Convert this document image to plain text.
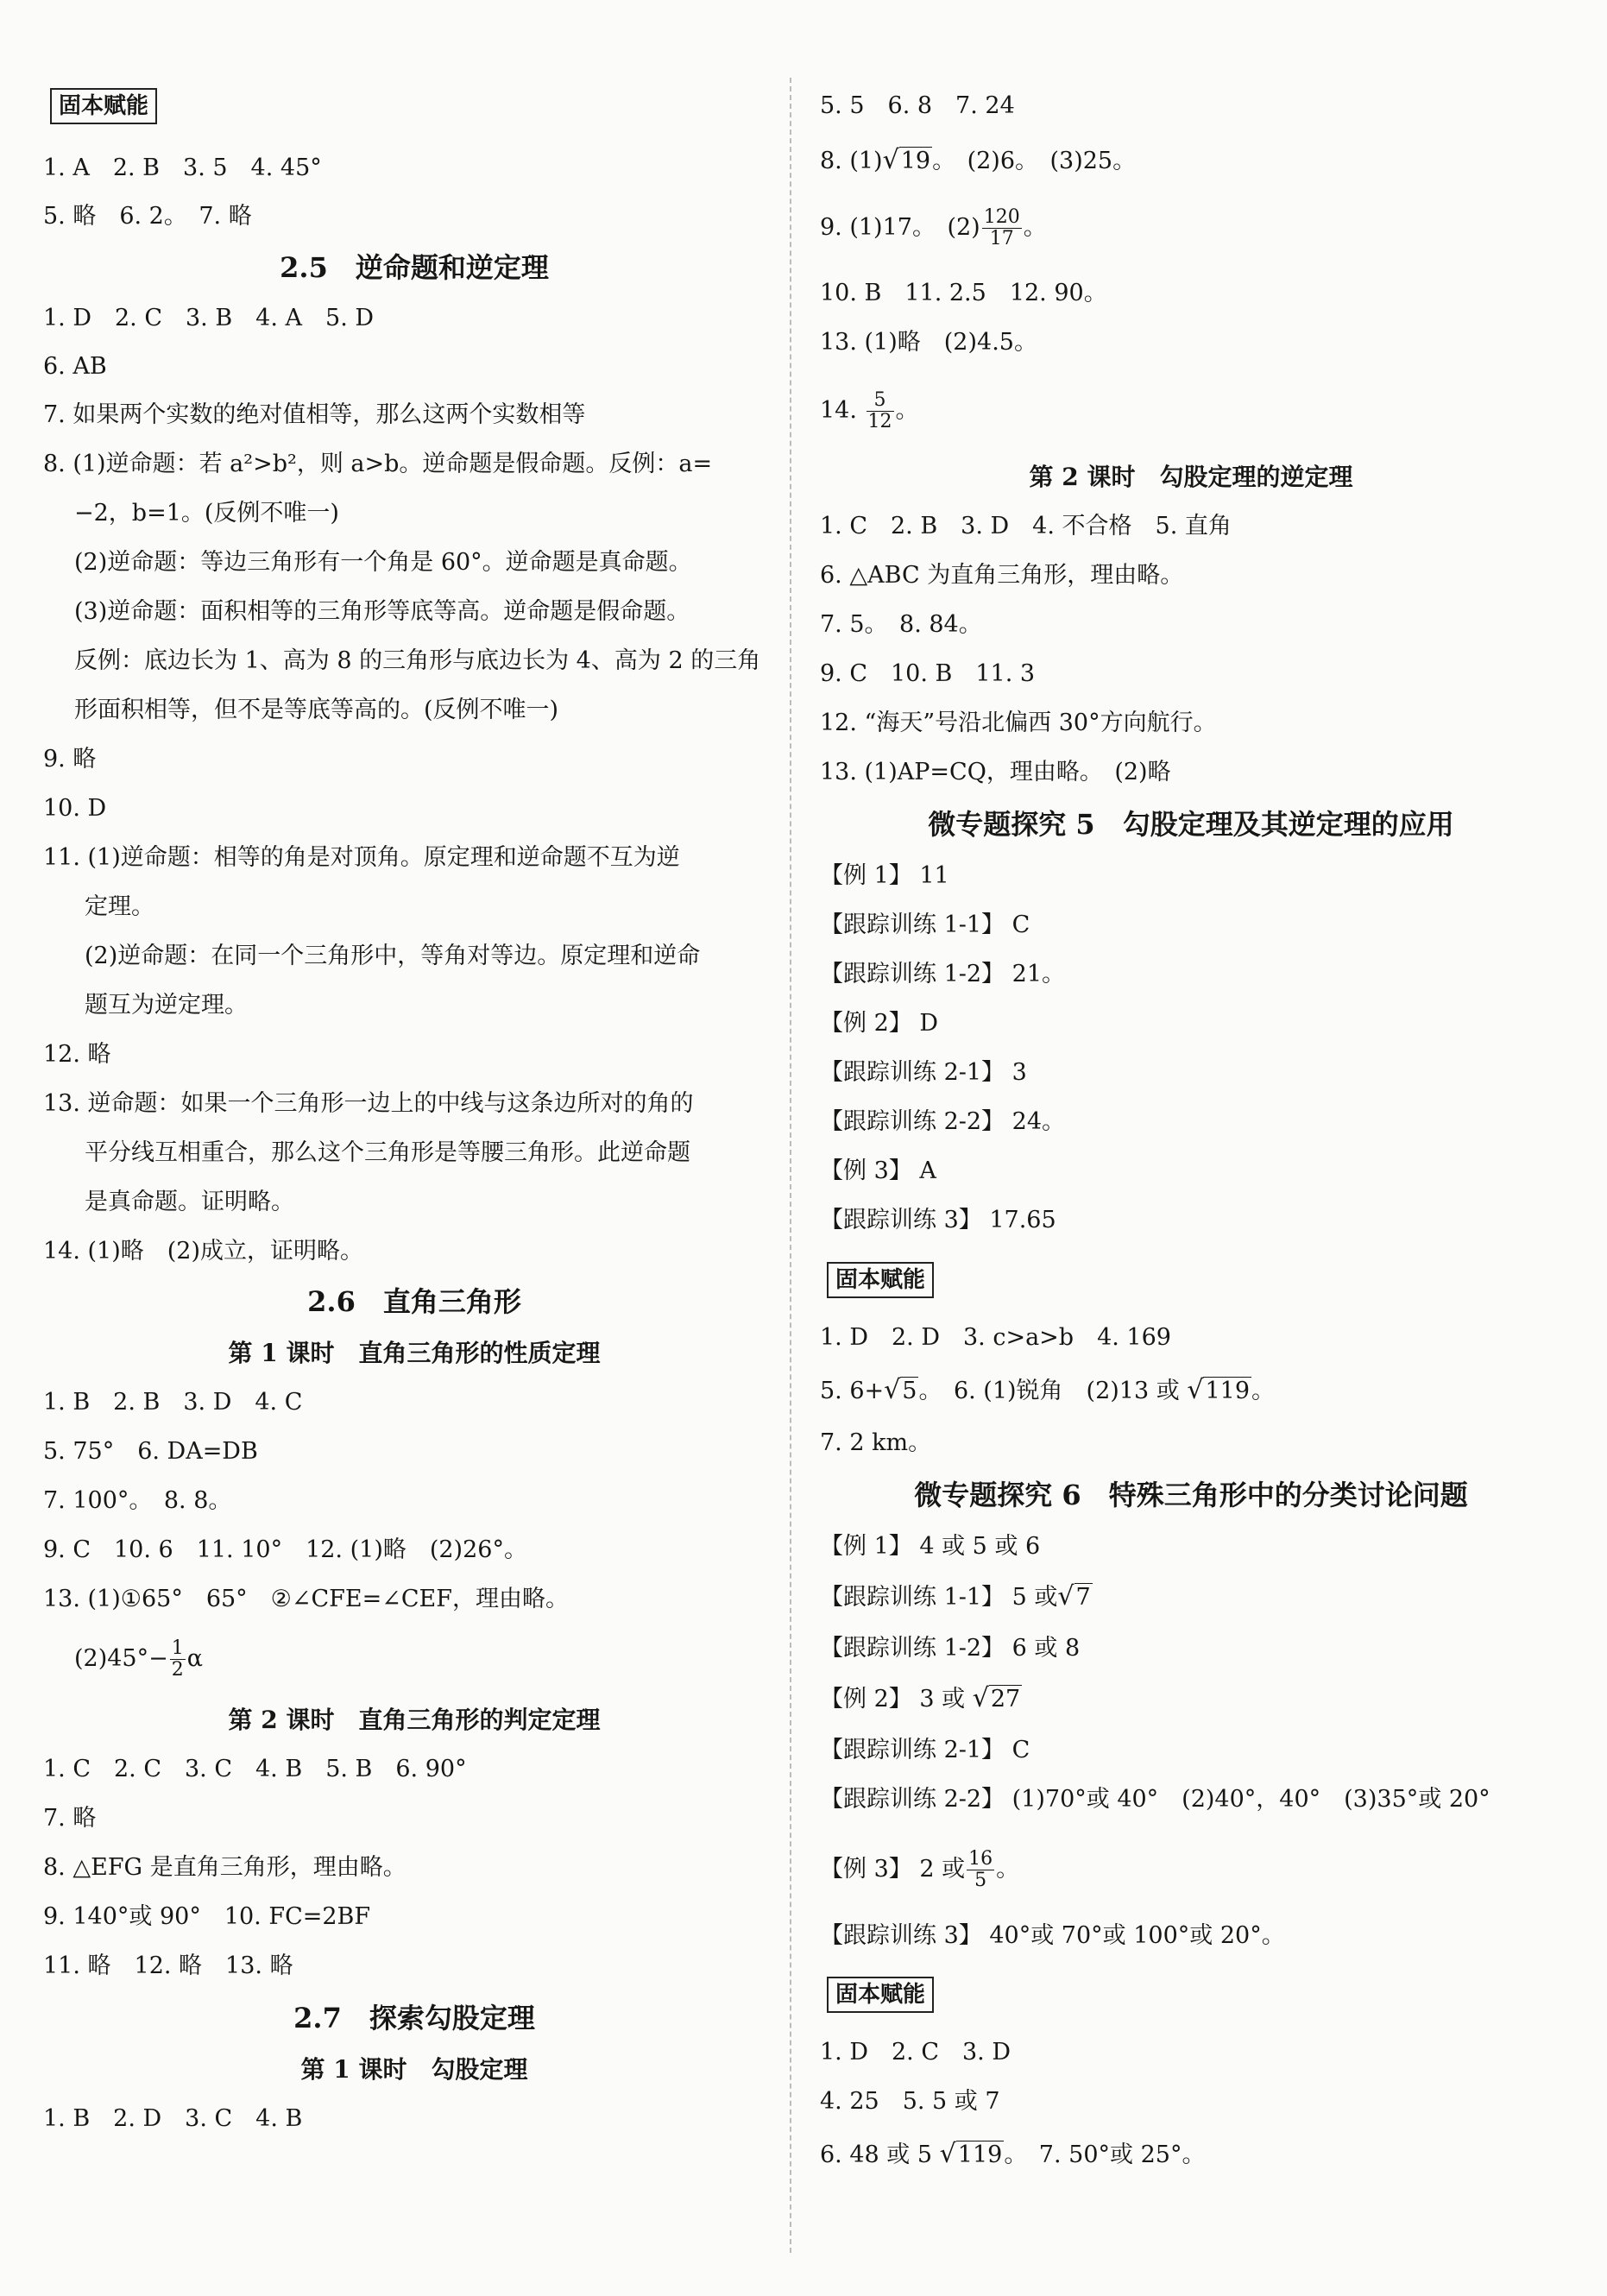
固本赋能
1. A　2. B　3. 5　4. 45°
5. 略　6. 2。　7. 略
2.5　逆命题和逆定理
1. D　2. C　3. B　4. A　5. D
6. AB
7. 如果两个实数的绝对值相等，那么这两个实数相等
8. (1)逆命题：若 a²>b²，则 a>b。逆命题是假命题。反例：a=
−2，b=1。(反例不唯一)
(2)逆命题：等边三角形有一个角是 60°。逆命题是真命题。
(3)逆命题：面积相等的三角形等底等高。逆命题是假命题。
反例：底边长为 1、高为 8 的三角形与底边长为 4、高为 2 的三角
形面积相等，但不是等底等高的。(反例不唯一)
9. 略
10. D
11. (1)逆命题：相等的角是对顶角。原定理和逆命题不互为逆
定理。
(2)逆命题：在同一个三角形中，等角对等边。原定理和逆命
题互为逆定理。
12. 略
13. 逆命题：如果一个三角形一边上的中线与这条边所对的角的
平分线互相重合，那么这个三角形是等腰三角形。此逆命题
是真命题。证明略。
14. (1)略　(2)成立，证明略。
2.6　直角三角形
第 1 课时　直角三角形的性质定理
1. B　2. B　3. D　4. C
5. 75°　6. DA=DB
7. 100°。　8. 8。
9. C　10. 6　11. 10°　12. (1)略　(2)26°。
13. (1)①65°　65°　②∠CFE=∠CEF，理由略。
$(2)45^\circ- \frac{1}{2}$ α
第 2 课时　直角三角形的判定定理
1. C　2. C　3. C　4. B　5. B　6. 90°
7. 略
8. △EFG 是直角三角形，理由略。
9. 140°或 90°　10. FC=2BF
11. 略　12. 略　13. 略
2.7　探索勾股定理
第 1 课时　勾股定理
1. B　2. D　3. C　4. B
5. 5　6. 8　7. 24
8. (1)√19。　(2)6。　(3)25。
9. (1)17。　$(2) \frac{120}{17}$ 。
10. B　11. 2.5　12. 90。
13. (1)略　(2)4.5。
14. $\frac{5}{12}$ 。
第 2 课时　勾股定理的逆定理
1. C　2. B　3. D　4. 不合格　5. 直角
6. △ABC 为直角三角形，理由略。
7. 5。　8. 84。
9. C　10. B　11. 3
12. “海天”号沿北偏西 30°方向航行。
13. (1)AP=CQ，理由略。　(2)略
微专题探究 5　勾股定理及其逆定理的应用
【例 1】 11
【跟踪训练 1-1】 C
【跟踪训练 1-2】 21。
【例 2】 D
【跟踪训练 2-1】 3
【跟踪训练 2-2】 24。
【例 3】 A
【跟踪训练 3】 17.65
固本赋能
1. D　2. D　3. c>a>b　4. 169
5. 6+√5。　6. (1)锐角　(2)13 或 √119。
7. 2 km。
微专题探究 6　特殊三角形中的分类讨论问题
【例 1】 4 或 5 或 6
【跟踪训练 1-1】 5 或√7
【跟踪训练 1-2】 6 或 8
【例 2】 3 或 √27
【跟踪训练 2-1】 C
【跟踪训练 2-2】 (1)70°或 40°　(2)40°，40°　(3)35°或 20°
【例 3】 2 或 $\frac{16}{5}$ 。
【跟踪训练 3】 40°或 70°或 100°或 20°。
固本赋能
1. D　2. C　3. D
4. 25　5. 5 或 7
6. 48 或 5 √119。　7. 50°或 25°。
